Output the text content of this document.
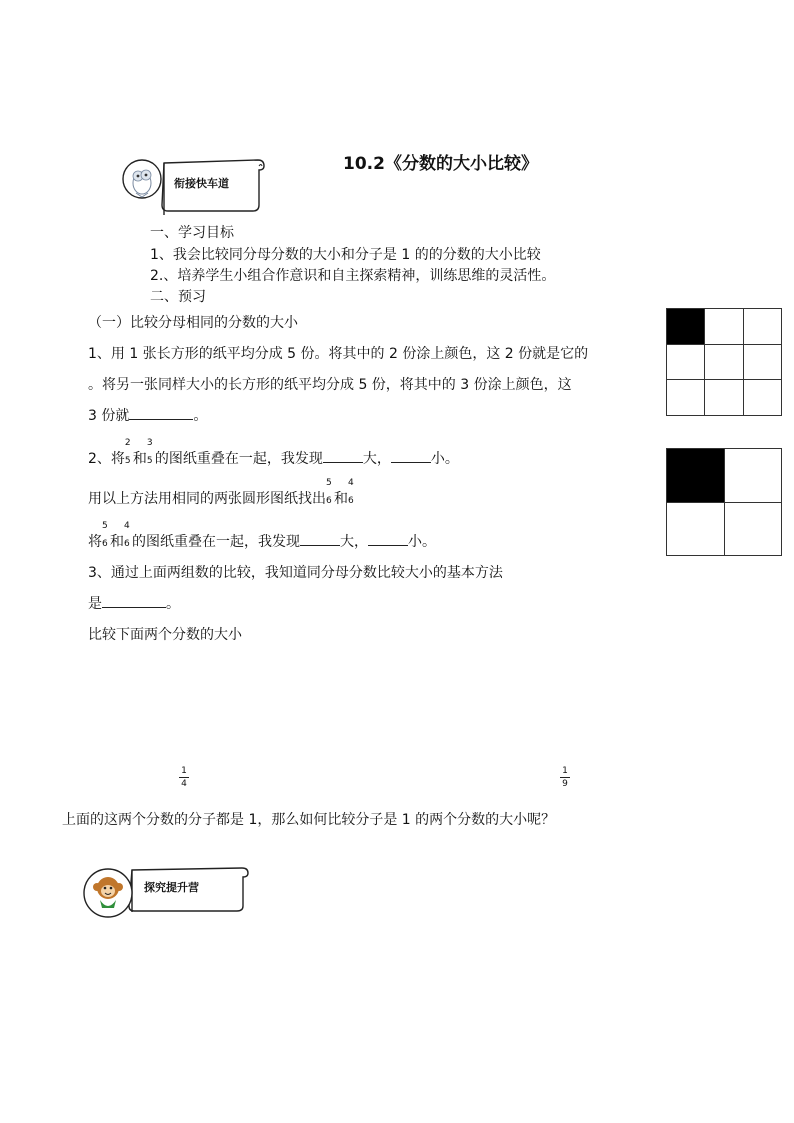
10.2《分数的大小比较》
衔接快车道
一、学习目标
1、我会比较同分母分数的大小和分子是 1 的的分数的大小比较
2.、培养学生小组合作意识和自主探索精神，训练思维的灵活性。
二、预习
（一）比较分母相同的分数的大小
1、用 1 张长方形的纸平均分成 5 份。将其中的 2 份涂上颜色，这 2 份就是它的
。将另一张同样大小的长方形的纸平均分成 5 份，将其中的 3 份涂上颜色，这
3 份就	。

2、将
2
5 和
3
5 的图纸重叠在一起，我发现	大，	小。
用以上方法用相同的两张圆形图纸找出
5
6 和
4
6
将
5
6 和
4
6 的图纸重叠在一起，我发现	大，	小。
3、通过上面两组数的比较，我知道同分母分数比较大小的基本方法
是	。
比较下面两个分数的大小
1
4
1
9
上面的这两个分数的分子都是 1，那么如何比较分子是 1 的两个分数的大小呢？
探究提升营
